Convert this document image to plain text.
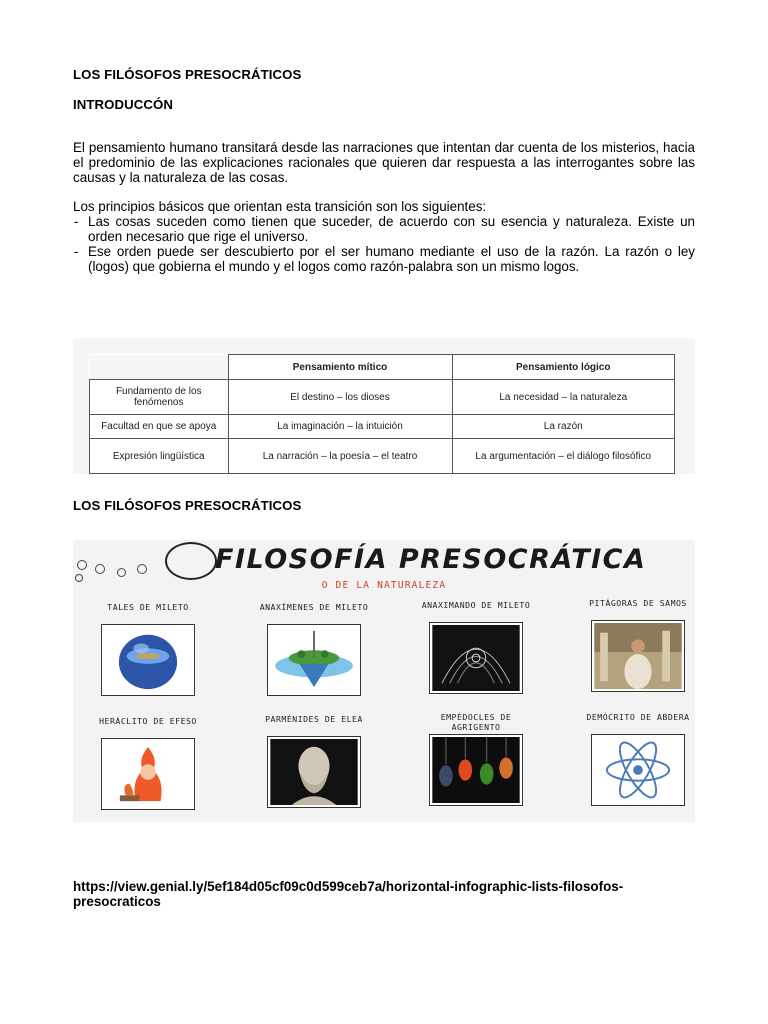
LOS FILÓSOFOS PRESOCRÁTICOS
INTRODUCCÓN

El pensamiento humano transitará desde las narraciones que intentan dar cuenta de los misterios, hacia el predominio de las explicaciones racionales que quieren dar respuesta a las interrogantes sobre las causas y la naturaleza de las cosas.

Los principios básicos que orientan esta transición son los siguientes:
- Las cosas suceden como tienen que suceder, de acuerdo con su esencia y naturaleza. Existe un orden necesario que rige el universo.
- Ese orden puede ser descubierto por el ser humano mediante el uso de la razón. La razón o ley (logos) que gobierna el mundo y el logos como razón-palabra son un mismo logos.
	Pensamiento mítico	Pensamiento lógico
Fundamento de los fenómenos	El destino – los dioses	La necesidad – la naturaleza
Facultad en que se apoya	La imaginación – la intuición	La razón
Expresión lingüística	La narración – la poesía – el teatro	La argumentación – el diálogo filosófico
LOS FILÓSOFOS PRESOCRÁTICOS
FILOSOFÍA PRESOCRÁTICA
O DE LA NATURALEZA
TALES DE MILETO	ANAXÍMENES DE MILETO	ANAXIMANDO DE MILETO	PITÁGORAS DE SAMOS
HERÁCLITO DE EFESO	PARMÉNIDES DE ELEA	EMPÉDOCLES DE AGRIGENTO
DEMÓCRITO DE ABDERA
https://view.genial.ly/5ef184d05cf09c0d599ceb7a/horizontal-infographic-lists-filosofos-presocraticos
